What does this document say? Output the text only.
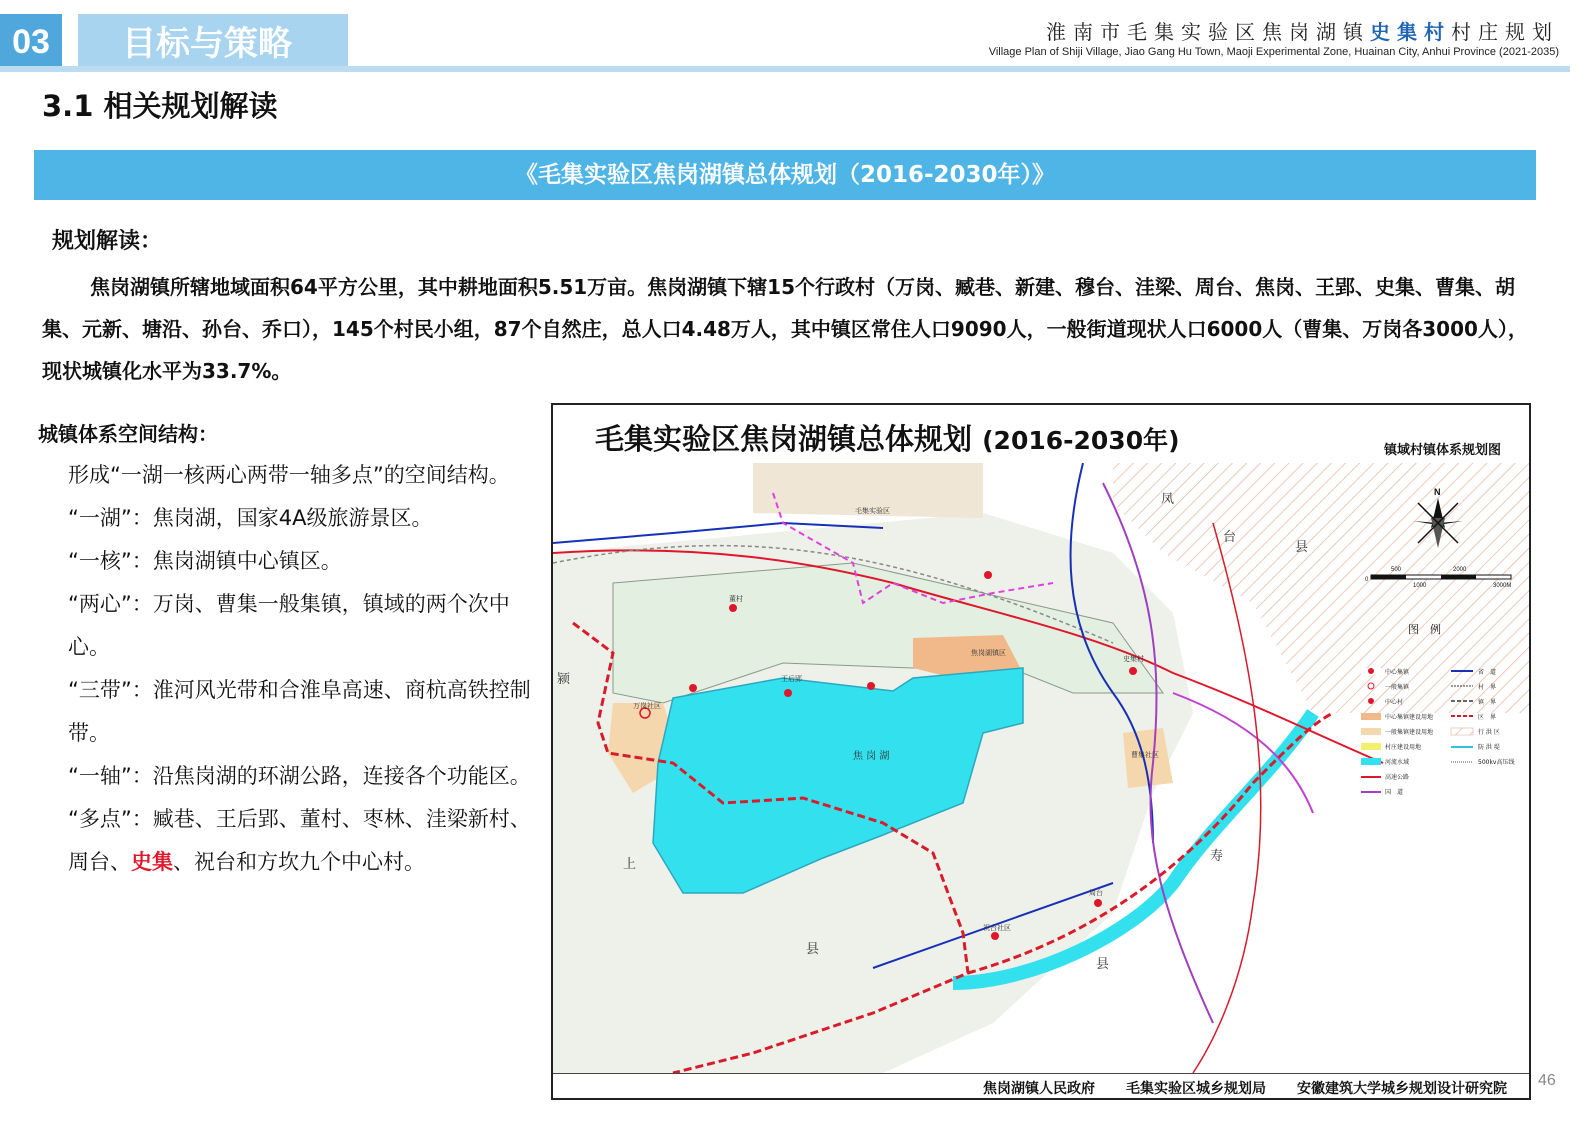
03	目标与策略	淮南市毛集实验区焦岗湖镇史集村村庄规划
Village Plan of Shiji Village, Jiao Gang Hu Town, Maoji Experimental Zone, Huainan City, Anhui Province (2021-2035)
3.1 相关规划解读
《毛集实验区焦岗湖镇总体规划（2016-2030年）》
规划解读：
焦岗湖镇所辖地域面积64平方公里，其中耕地面积5.51万亩。焦岗湖镇下辖15个行政村（万岗、臧巷、新建、穆台、洼梁、周台、焦岗、王郢、史集、曹集、胡集、元新、塘沿、孙台、乔口），145个村民小组，87个自然庄，总人口4.48万人，其中镇区常住人口9090人，一般街道现状人口6000人（曹集、万岗各3000人），现状城镇化水平为33.7%。
城镇体系空间结构：

形成“一湖一核两心两带一轴多点”的空间结构。

“一湖”：焦岗湖，国家4A级旅游景区。

“一核”：焦岗湖镇中心镇区。

“两心”：万岗、曹集一般集镇，镇域的两个次中心。

“三带”：淮河风光带和合淮阜高速、商杭高铁控制带。

“一轴”：沿焦岗湖的环湖公路，连接各个功能区。

“多点”：臧巷、王后郢、董村、枣林、洼梁新村、周台、史集、祝台和方坎九个中心村。

毛集实验区焦岗湖镇总体规划 (2016-2030年)	镇域村镇体系规划图
凤
台
县
颍
上
县
寿
县
焦 岗 湖
毛集实验区
董村
万岗社区
王后郢
焦岗湖镇区
史集村
曹集社区
周台
祝台社区
N
0
500	2000
1000	3000M
图　例
中心集镇
一般集镇
中心村
中心集镇建设用地
一般集镇建设用地
村庄建设用地
河流水域
高速公路
国　道
省　道
村　界
镇　界
区　界
行 洪 区
防 洪 堤
500kv高压线
焦岗湖镇人民政府 毛集实验区城乡规划局 安徽建筑大学城乡规划设计研究院 46
